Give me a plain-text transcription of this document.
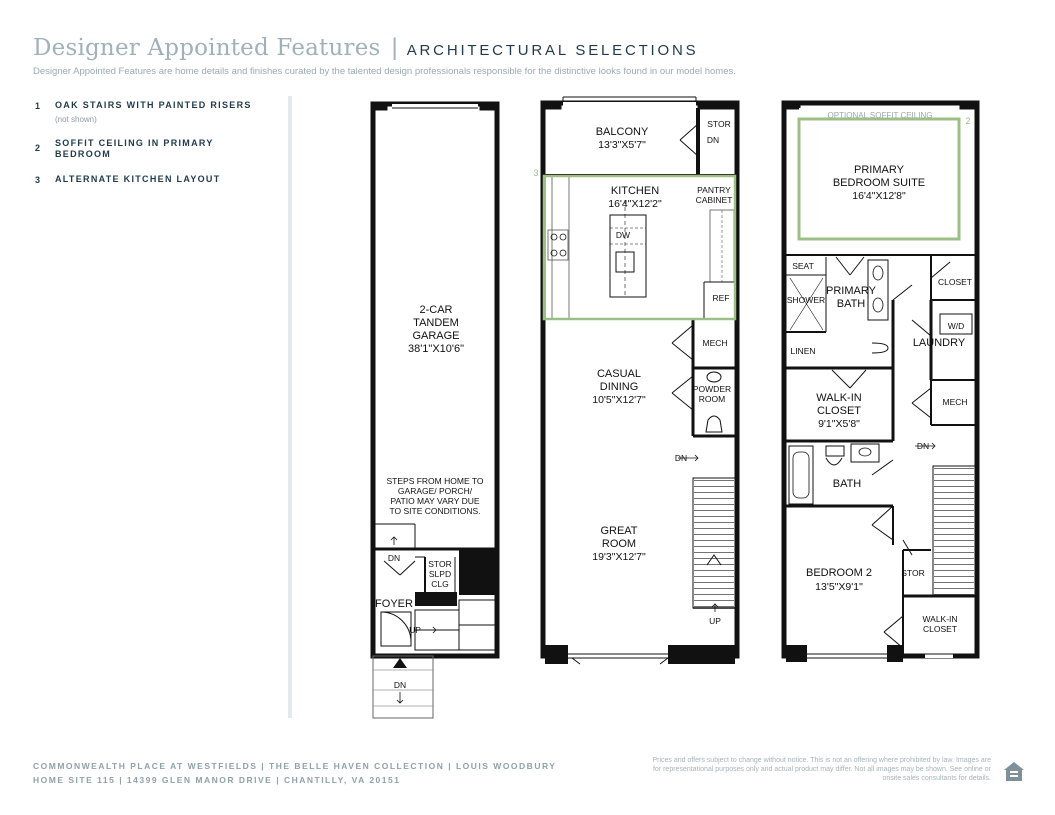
Designer Appointed Features | ARCHITECTURAL SELECTIONS
Designer Appointed Features are home details and finishes curated by the talented design professionals responsible for the distinctive looks found in our model homes.
1	OAK STAIRS WITH PAINTED RISERS
(not shown)
2	SOFFIT CEILING IN PRIMARY BEDROOM
3	ALTERNATE KITCHEN LAYOUT
2-CAR
TANDEM
GARAGE
38'1"X10'6"
STEPS FROM HOME TO
GARAGE/ PORCH/
PATIO MAY VARY DUE
TO SITE CONDITIONS.
DN
STOR
SLPD
CLG
FOYER
UP
DN
BALCONY
13'3"X5'7"
STOR
DN
3
KITCHEN
16'4"X12'2"
PANTRY
CABINET
DW
REF
MECH
CASUAL
DINING
10'5"X12'7"
POWDER
ROOM
DN
GREAT
ROOM
19'3"X12'7"
UP
OPTIONAL SOFFIT CEILING
2
PRIMARY
BEDROOM SUITE
16'4"X12'8"
SEAT
SHOWER
PRIMARY
BATH
CLOSET
W/D
LAUNDRY
LINEN
WALK-IN
CLOSET
9'1"X5'8"
MECH
DN
BATH
BEDROOM 2
13'5"X9'1"
STOR
WALK-IN
CLOSET
COMMONWEALTH PLACE AT WESTFIELDS | THE BELLE HAVEN COLLECTION | LOUIS WOODBURY
HOME SITE 115 | 14399 GLEN MANOR DRIVE | CHANTILLY, VA 20151
Prices and offers subject to change without notice. This is not an offering where prohibited by law. Images are for representational purposes only and actual product may differ. Not all images may be shown. See online or onsite sales consultants for details.
